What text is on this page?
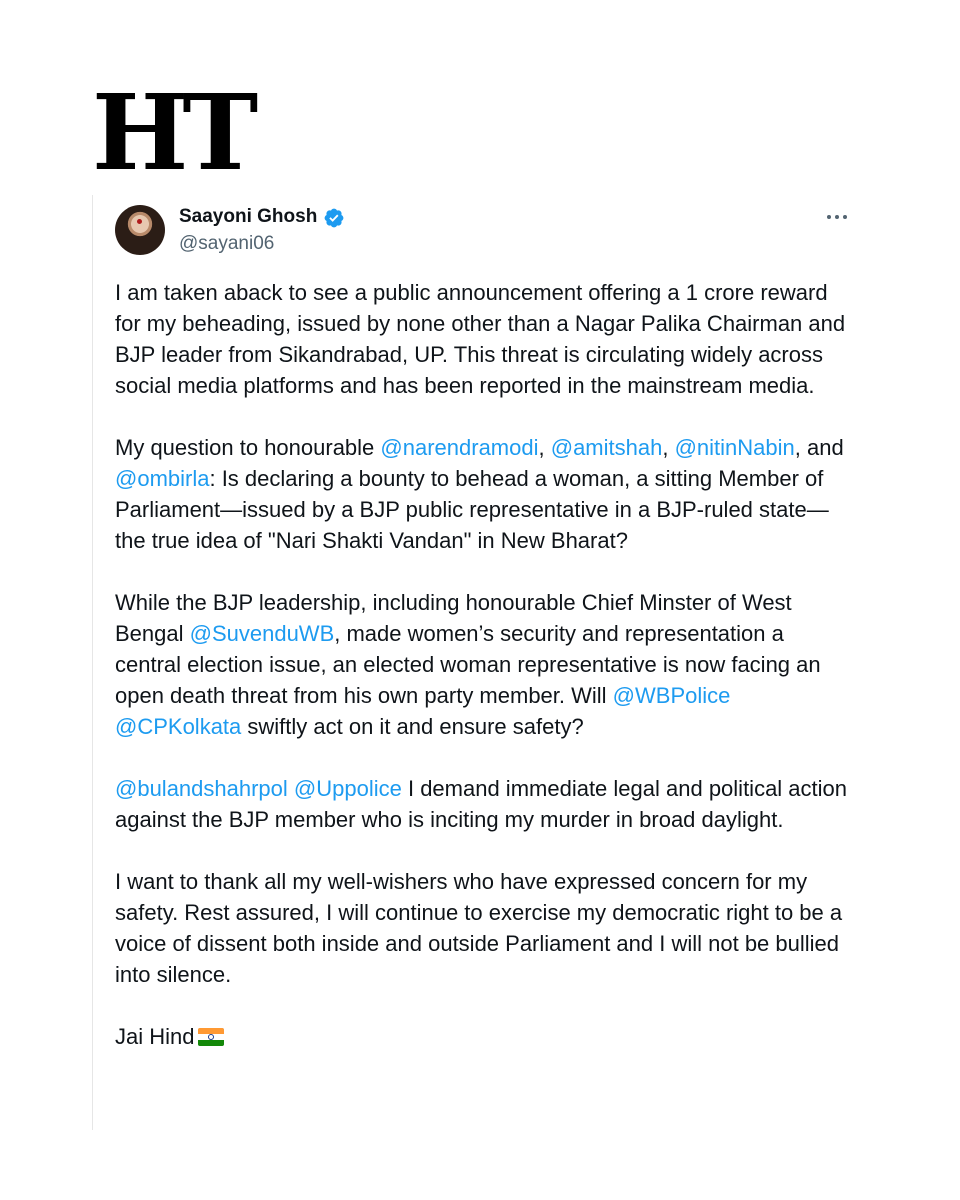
HT
Saayoni Ghosh
@sayani06

I am taken aback to see a public announcement offering a 1 crore reward for my beheading, issued by none other than a Nagar Palika Chairman and BJP leader from Sikandrabad, UP. This threat is circulating widely across social media platforms and has been reported in the mainstream media.

My question to honourable @narendramodi, @amitshah, @nitinNabin, and @ombirla: Is declaring a bounty to behead a woman, a sitting Member of Parliament—issued by a BJP public representative in a BJP-ruled state—the true idea of "Nari Shakti Vandan" in New Bharat?

While the BJP leadership, including honourable Chief Minster of West Bengal @SuvenduWB, made women’s security and representation a central election issue, an elected woman representative is now facing an open death threat from his own party member. Will @WBPolice @CPKolkata swiftly act on it and ensure safety?

@bulandshahrpol @Uppolice I demand immediate legal and political action against the BJP member who is inciting my murder in broad daylight.

I want to thank all my well-wishers who have expressed concern for my safety. Rest assured, I will continue to exercise my democratic right to be a voice of dissent both inside and outside Parliament and I will not be bullied into silence.

Jai Hind
